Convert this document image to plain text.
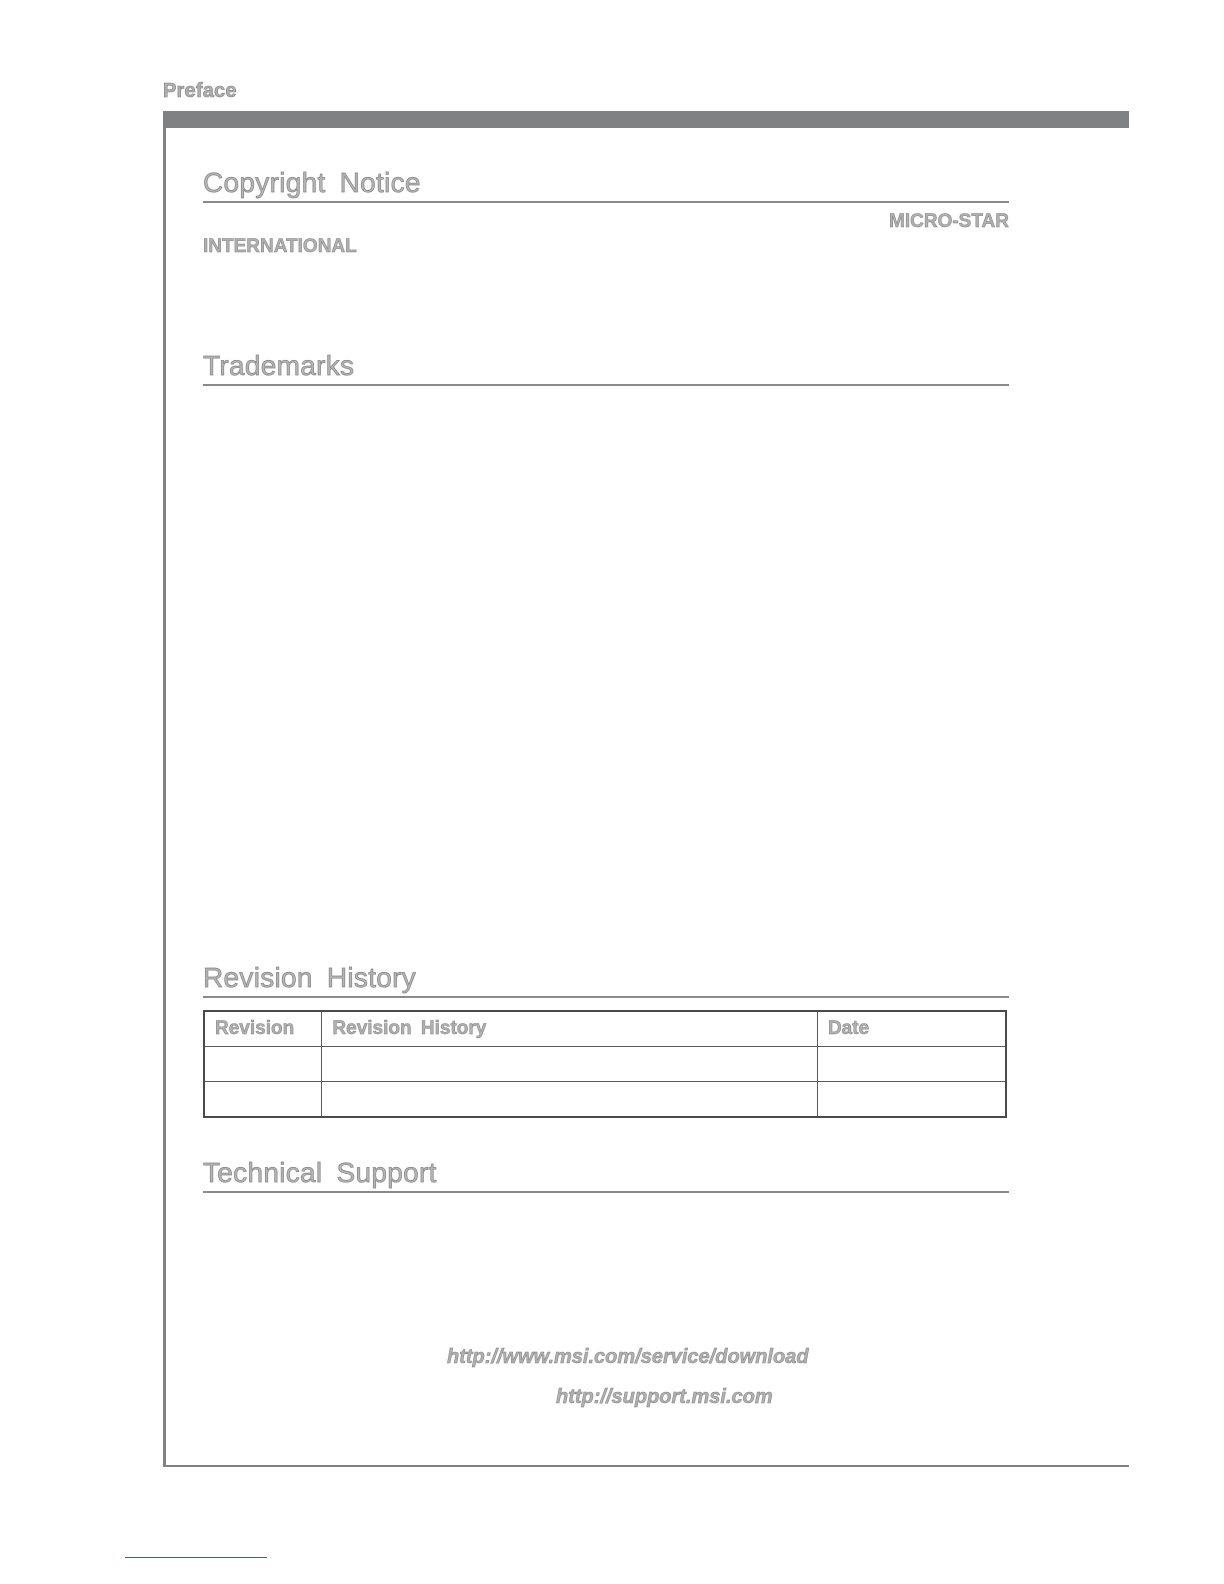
Preface
Copyright Notice
MICRO-STAR
INTERNATIONAL
Trademarks
Revision History
Revision	Revision History	Date

Technical Support
http://www.msi.com/service/download
http://support.msi.com
